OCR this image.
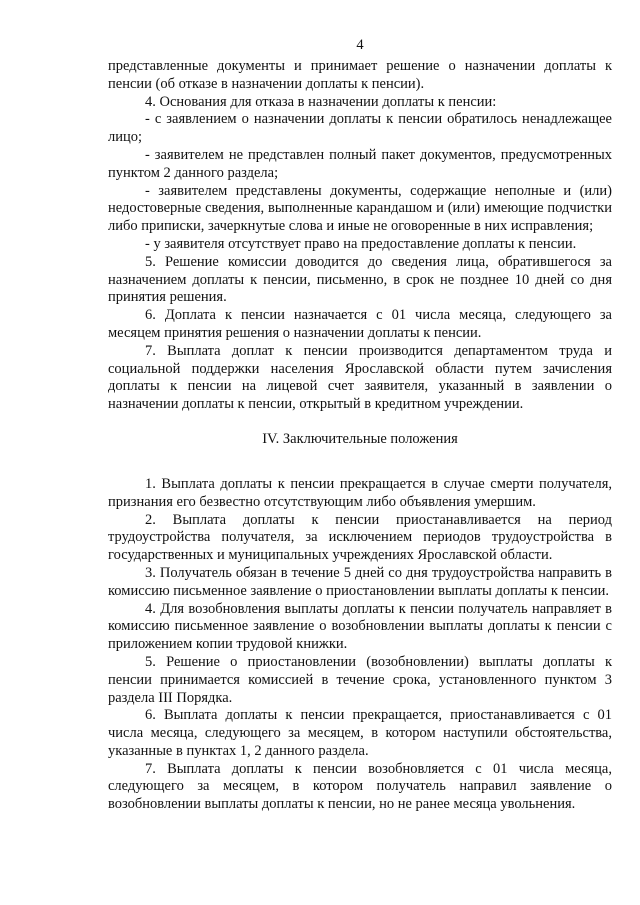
4

представленные документы и принимает решение о назначении доплаты к пенсии (об отказе в назначении доплаты к пенсии).

4. Основания для отказа в назначении доплаты к пенсии:

- с заявлением о назначении доплаты к пенсии обратилось ненадлежащее лицо;

- заявителем не представлен полный пакет документов, предусмотренных пунктом 2 данного раздела;

- заявителем представлены документы, содержащие неполные и (или) недостоверные сведения, выполненные карандашом и (или) имеющие подчистки либо приписки, зачеркнутые слова и иные не оговоренные в них исправления;

- у заявителя отсутствует право на предоставление доплаты к пенсии.

5. Решение комиссии доводится до сведения лица, обратившегося за назначением доплаты к пенсии, письменно, в срок не позднее 10 дней со дня принятия решения.

6. Доплата к пенсии назначается с 01 числа месяца, следующего за месяцем принятия решения о назначении доплаты к пенсии.

7. Выплата доплат к пенсии производится департаментом труда и социальной поддержки населения Ярославской области путем зачисления доплаты к пенсии на лицевой счет заявителя, указанный в заявлении о назначении доплаты к пенсии, открытый в кредитном учреждении.

IV. Заключительные положения

1. Выплата доплаты к пенсии прекращается в случае смерти получателя, признания его безвестно отсутствующим либо объявления умершим.

2. Выплата доплаты к пенсии приостанавливается на период трудоустройства получателя, за исключением периодов трудоустройства в государственных и муниципальных учреждениях Ярославской области.

3. Получатель обязан в течение 5 дней со дня трудоустройства направить в комиссию письменное заявление о приостановлении выплаты доплаты к пенсии.

4. Для возобновления выплаты доплаты к пенсии получатель направляет в комиссию письменное заявление о возобновлении выплаты доплаты к пенсии с приложением копии трудовой книжки.

5. Решение о приостановлении (возобновлении) выплаты доплаты к пенсии принимается комиссией в течение срока, установленного пунктом 3 раздела III Порядка.

6. Выплата доплаты к пенсии прекращается, приостанавливается с 01 числа месяца, следующего за месяцем, в котором наступили обстоятельства, указанные в пунктах 1, 2 данного раздела.

7. Выплата доплаты к пенсии возобновляется с 01 числа месяца, следующего за месяцем, в котором получатель направил заявление о возобновлении выплаты доплаты к пенсии, но не ранее месяца увольнения.
